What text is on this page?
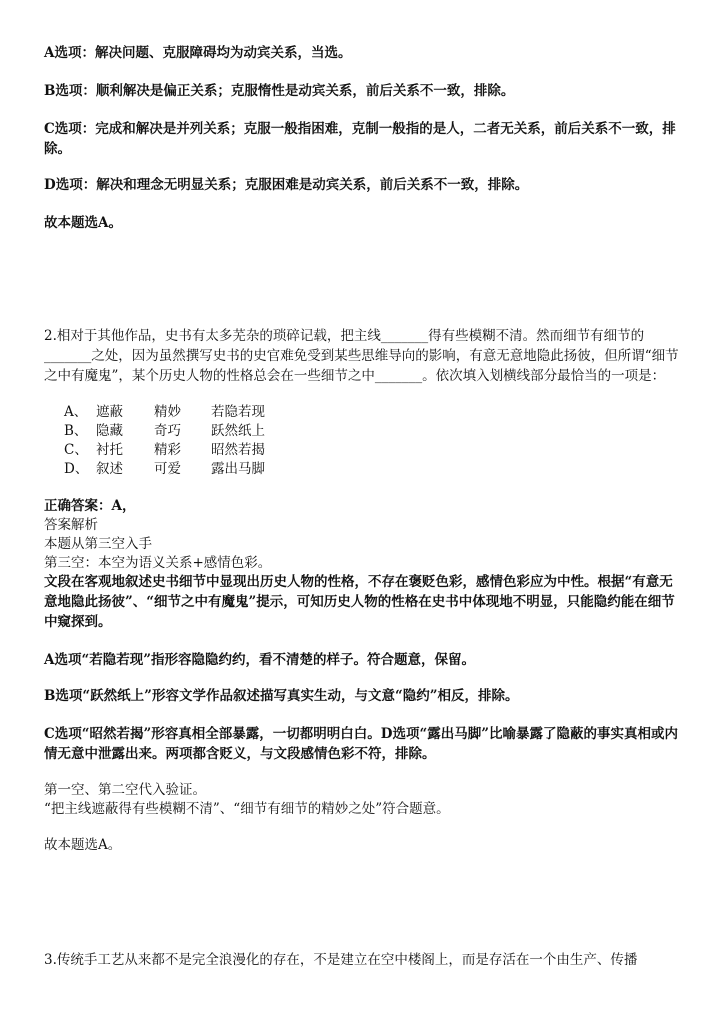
A选项：解决问题、克服障碍均为动宾关系，当选。

B选项：顺利解决是偏正关系；克服惰性是动宾关系，前后关系不一致，排除。

C选项：完成和解决是并列关系；克服一般指困难，克制一般指的是人，二者无关系，前后关系不一致，排除。

D选项：解决和理念无明显关系；克服困难是动宾关系，前后关系不一致，排除。

故本题选A。

2.相对于其他作品，史书有太多芜杂的琐碎记载，把主线_______得有些模糊不清。然而细节有细节的_______之处，因为虽然撰写史书的史官难免受到某些思维导向的影响，有意无意地隐此扬彼，但所谓“细节之中有魔鬼”，某个历史人物的性格总会在一些细节之中_______。依次填入划横线部分最恰当的一项是：

A、 遮蔽	精妙	若隐若现
B、 隐藏	奇巧	跃然纸上
C、 衬托	精彩	昭然若揭
D、 叙述	可爱	露出马脚

正确答案：A，

答案解析

本题从第三空入手

第三空：本空为语义关系+感情色彩。

文段在客观地叙述史书细节中显现出历史人物的性格，不存在褒贬色彩，感情色彩应为中性。根据“有意无意地隐此扬彼”、“细节之中有魔鬼”提示，可知历史人物的性格在史书中体现地不明显，只能隐约能在细节中窥探到。

A选项“若隐若现”指形容隐隐约约，看不清楚的样子。符合题意，保留。

B选项“跃然纸上”形容文学作品叙述描写真实生动，与文意“隐约”相反，排除。

C选项“昭然若揭”形容真相全部暴露，一切都明明白白。D选项“露出马脚”比喻暴露了隐蔽的事实真相或内情无意中泄露出来。两项都含贬义，与文段感情色彩不符，排除。

第一空、第二空代入验证。

“把主线遮蔽得有些模糊不清”、“细节有细节的精妙之处”符合题意。

故本题选A。

3.传统手工艺从来都不是完全浪漫化的存在，不是建立在空中楼阁上，而是存活在一个由生产、传播
